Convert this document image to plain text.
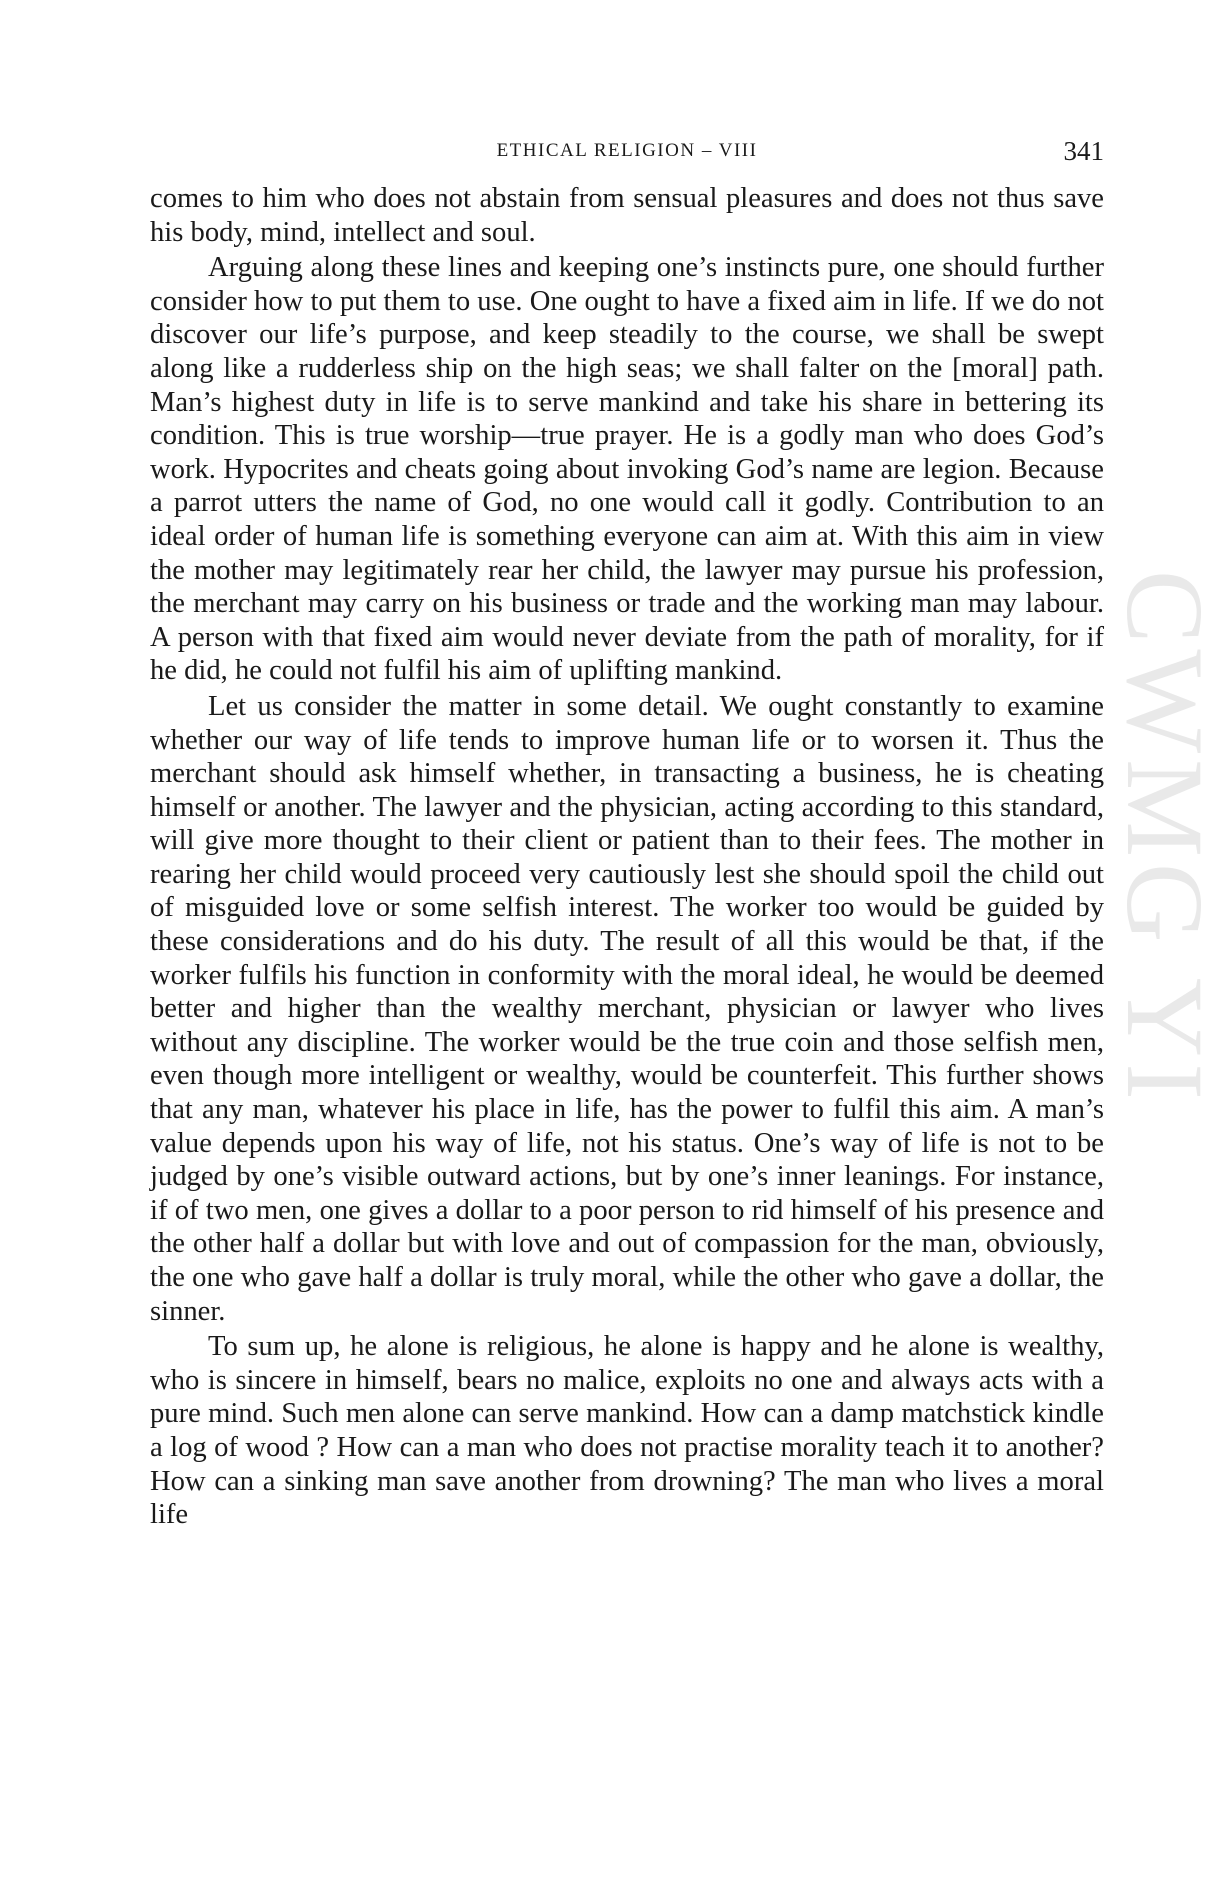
ETHICAL RELIGION – VIII	341
CWMG YI

comes to him who does not abstain from sensual pleasures and does not thus save his body, mind, intellect and soul.

Arguing along these lines and keeping one’s instincts pure, one should further consider how to put them to use. One ought to have a fixed aim in life. If we do not discover our life’s purpose, and keep steadily to the course, we shall be swept along like a rudderless ship on the high seas; we shall falter on the [moral] path. Man’s highest duty in life is to serve mankind and take his share in bettering its condition. This is true worship—true prayer. He is a godly man who does God’s work. Hypocrites and cheats going about invoking God’s name are legion. Because a parrot utters the name of God, no one would call it godly. Contribution to an ideal order of human life is something everyone can aim at. With this aim in view the mother may legitimately rear her child, the lawyer may pursue his profession, the merchant may carry on his business or trade and the working man may labour. A person with that fixed aim would never deviate from the path of morality, for if he did, he could not fulfil his aim of uplifting mankind.

Let us consider the matter in some detail. We ought constantly to examine whether our way of life tends to improve human life or to worsen it. Thus the merchant should ask himself whether, in transacting a business, he is cheating himself or another. The lawyer and the physician, acting according to this standard, will give more thought to their client or patient than to their fees. The mother in rearing her child would proceed very cautiously lest she should spoil the child out of misguided love or some selfish interest. The worker too would be guided by these considerations and do his duty. The result of all this would be that, if the worker fulfils his function in conformity with the moral ideal, he would be deemed better and higher than the wealthy merchant, physician or lawyer who lives without any discipline. The worker would be the true coin and those selfish men, even though more intelligent or wealthy, would be counterfeit. This further shows that any man, whatever his place in life, has the power to fulfil this aim. A man’s value depends upon his way of life, not his status. One’s way of life is not to be judged by one’s visible outward actions, but by one’s inner leanings. For instance, if of two men, one gives a dollar to a poor person to rid himself of his presence and the other half a dollar but with love and out of compassion for the man, obviously, the one who gave half a dollar is truly moral, while the other who gave a dollar, the sinner.

To sum up, he alone is religious, he alone is happy and he alone is wealthy, who is sincere in himself, bears no malice, exploits no one and always acts with a pure mind. Such men alone can serve mankind. How can a damp matchstick kindle a log of wood ? How can a man who does not practise morality teach it to another? How can a sinking man save another from drowning? The man who lives a moral life
